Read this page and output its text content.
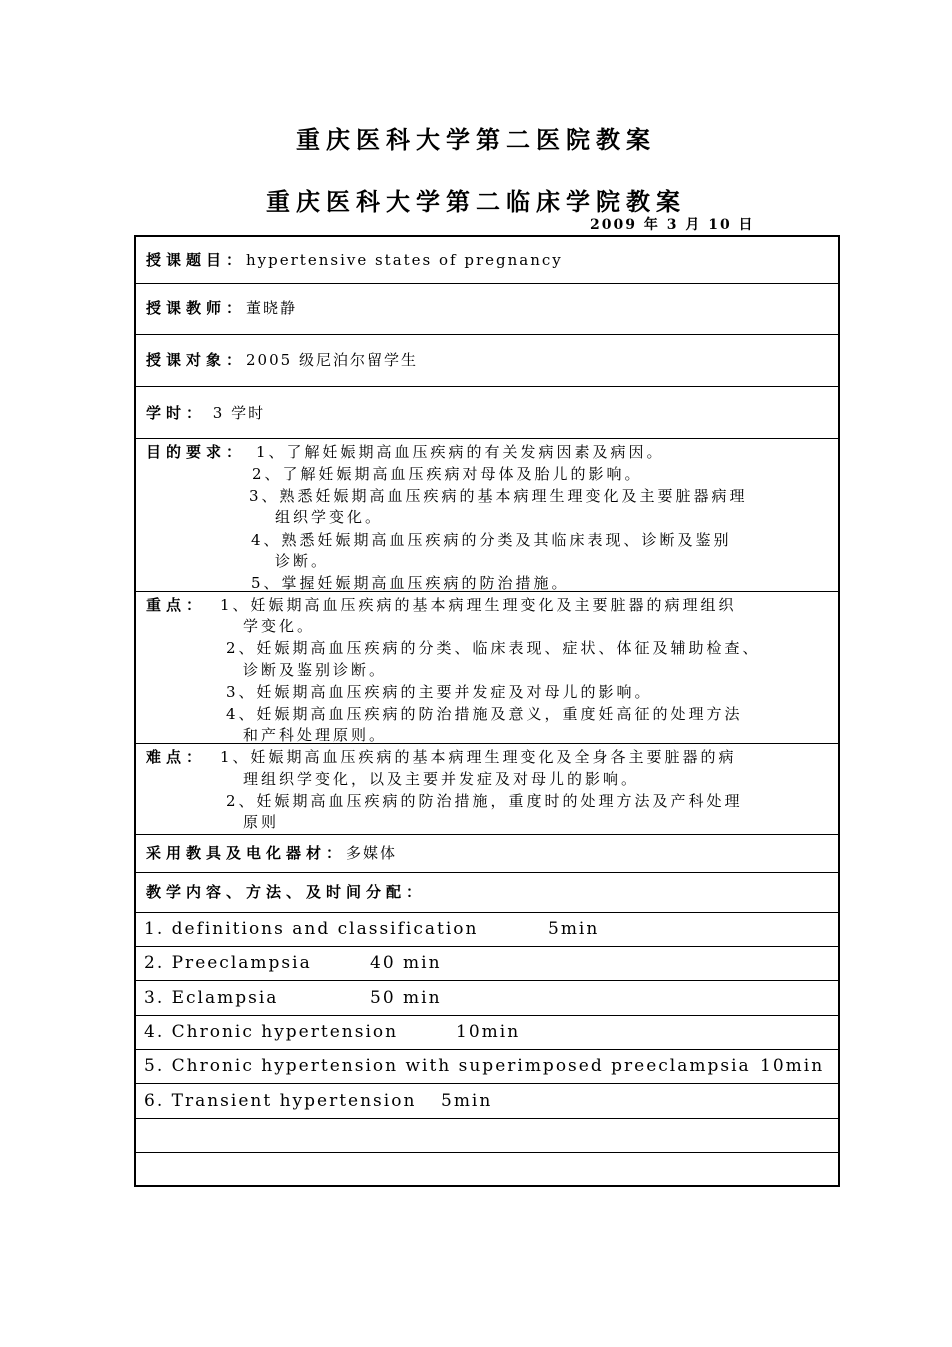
重庆医科大学第二医院教案
重庆医科大学第二临床学院教案
2009 年 3 月 10 日
授课题目：hypertensive states of pregnancy
授课教师：董晓静
授课对象：2005 级尼泊尔留学生
学时： 3 学时
目的要求： 1、了解妊娠期高血压疾病的有关发病因素及病因。
2、了解妊娠期高血压疾病对母体及胎儿的影响。
3、熟悉妊娠期高血压疾病的基本病理生理变化及主要脏器病理
组织学变化。
4、熟悉妊娠期高血压疾病的分类及其临床表现、诊断及鉴别
诊断。
5、掌握妊娠期高血压疾病的防治措施。
重点： 1、妊娠期高血压疾病的基本病理生理变化及主要脏器的病理组织
学变化。
2、妊娠期高血压疾病的分类、临床表现、症状、体征及辅助检查、
诊断及鉴别诊断。
3、妊娠期高血压疾病的主要并发症及对母儿的影响。
4、妊娠期高血压疾病的防治措施及意义，重度妊高征的处理方法
和产科处理原则。
难点： 1、妊娠期高血压疾病的基本病理生理变化及全身各主要脏器的病
理组织学变化，以及主要并发症及对母儿的影响。
2、妊娠期高血压疾病的防治措施，重度时的处理方法及产科处理
原则
采用教具及电化器材：多媒体
教学内容、方法、及时间分配：
1. definitions and classification	5min
2. Preeclampsia	40 min
3. Eclampsia	50 min
4. Chronic hypertension	10min
5. Chronic hypertension with superimposed preeclampsia 10min
6. Transient hypertension 5min
